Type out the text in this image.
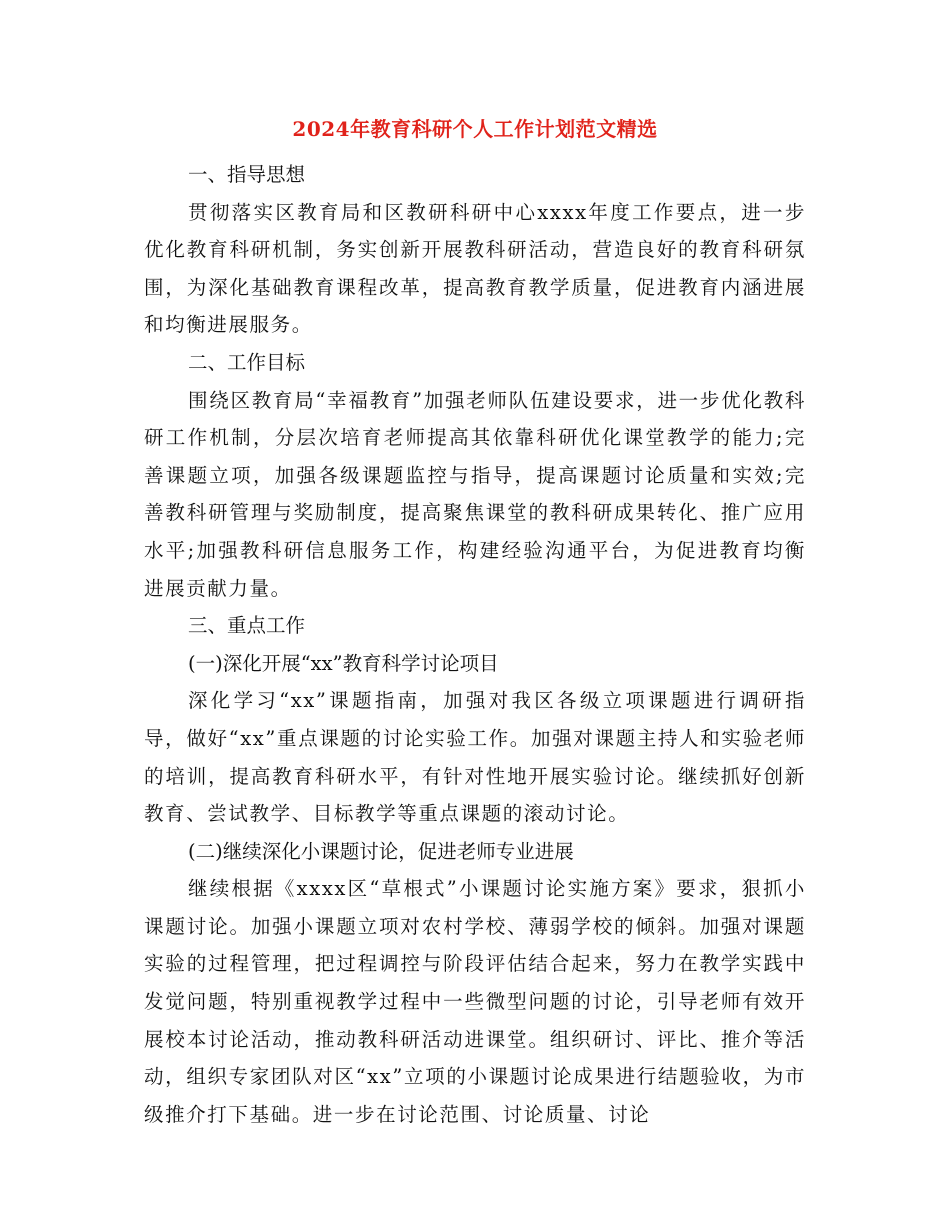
2024年教育科研个人工作计划范文精选

一、指导思想

贯彻落实区教育局和区教研科研中心xxxx年度工作要点，进一步优化教育科研机制，务实创新开展教科研活动，营造良好的教育科研氛围，为深化基础教育课程改革，提高教育教学质量，促进教育内涵进展和均衡进展服务。

二、工作目标

围绕区教育局“幸福教育”加强老师队伍建设要求，进一步优化教科研工作机制，分层次培育老师提高其依靠科研优化课堂教学的能力;完善课题立项，加强各级课题监控与指导，提高课题讨论质量和实效;完善教科研管理与奖励制度，提高聚焦课堂的教科研成果转化、推广应用水平;加强教科研信息服务工作，构建经验沟通平台，为促进教育均衡进展贡献力量。

三、重点工作

(一)深化开展“xx”教育科学讨论项目

深化学习“xx”课题指南，加强对我区各级立项课题进行调研指导，做好“xx”重点课题的讨论实验工作。加强对课题主持人和实验老师的培训，提高教育科研水平，有针对性地开展实验讨论。继续抓好创新教育、尝试教学、目标教学等重点课题的滚动讨论。

(二)继续深化小课题讨论，促进老师专业进展

继续根据《xxxx区“草根式”小课题讨论实施方案》要求，狠抓小课题讨论。加强小课题立项对农村学校、薄弱学校的倾斜。加强对课题实验的过程管理，把过程调控与阶段评估结合起来，努力在教学实践中发觉问题，特别重视教学过程中一些微型问题的讨论，引导老师有效开展校本讨论活动，推动教科研活动进课堂。组织研讨、评比、推介等活动，组织专家团队对区“xx”立项的小课题讨论成果进行结题验收，为市级推介打下基础。进一步在讨论范围、讨论质量、讨论
